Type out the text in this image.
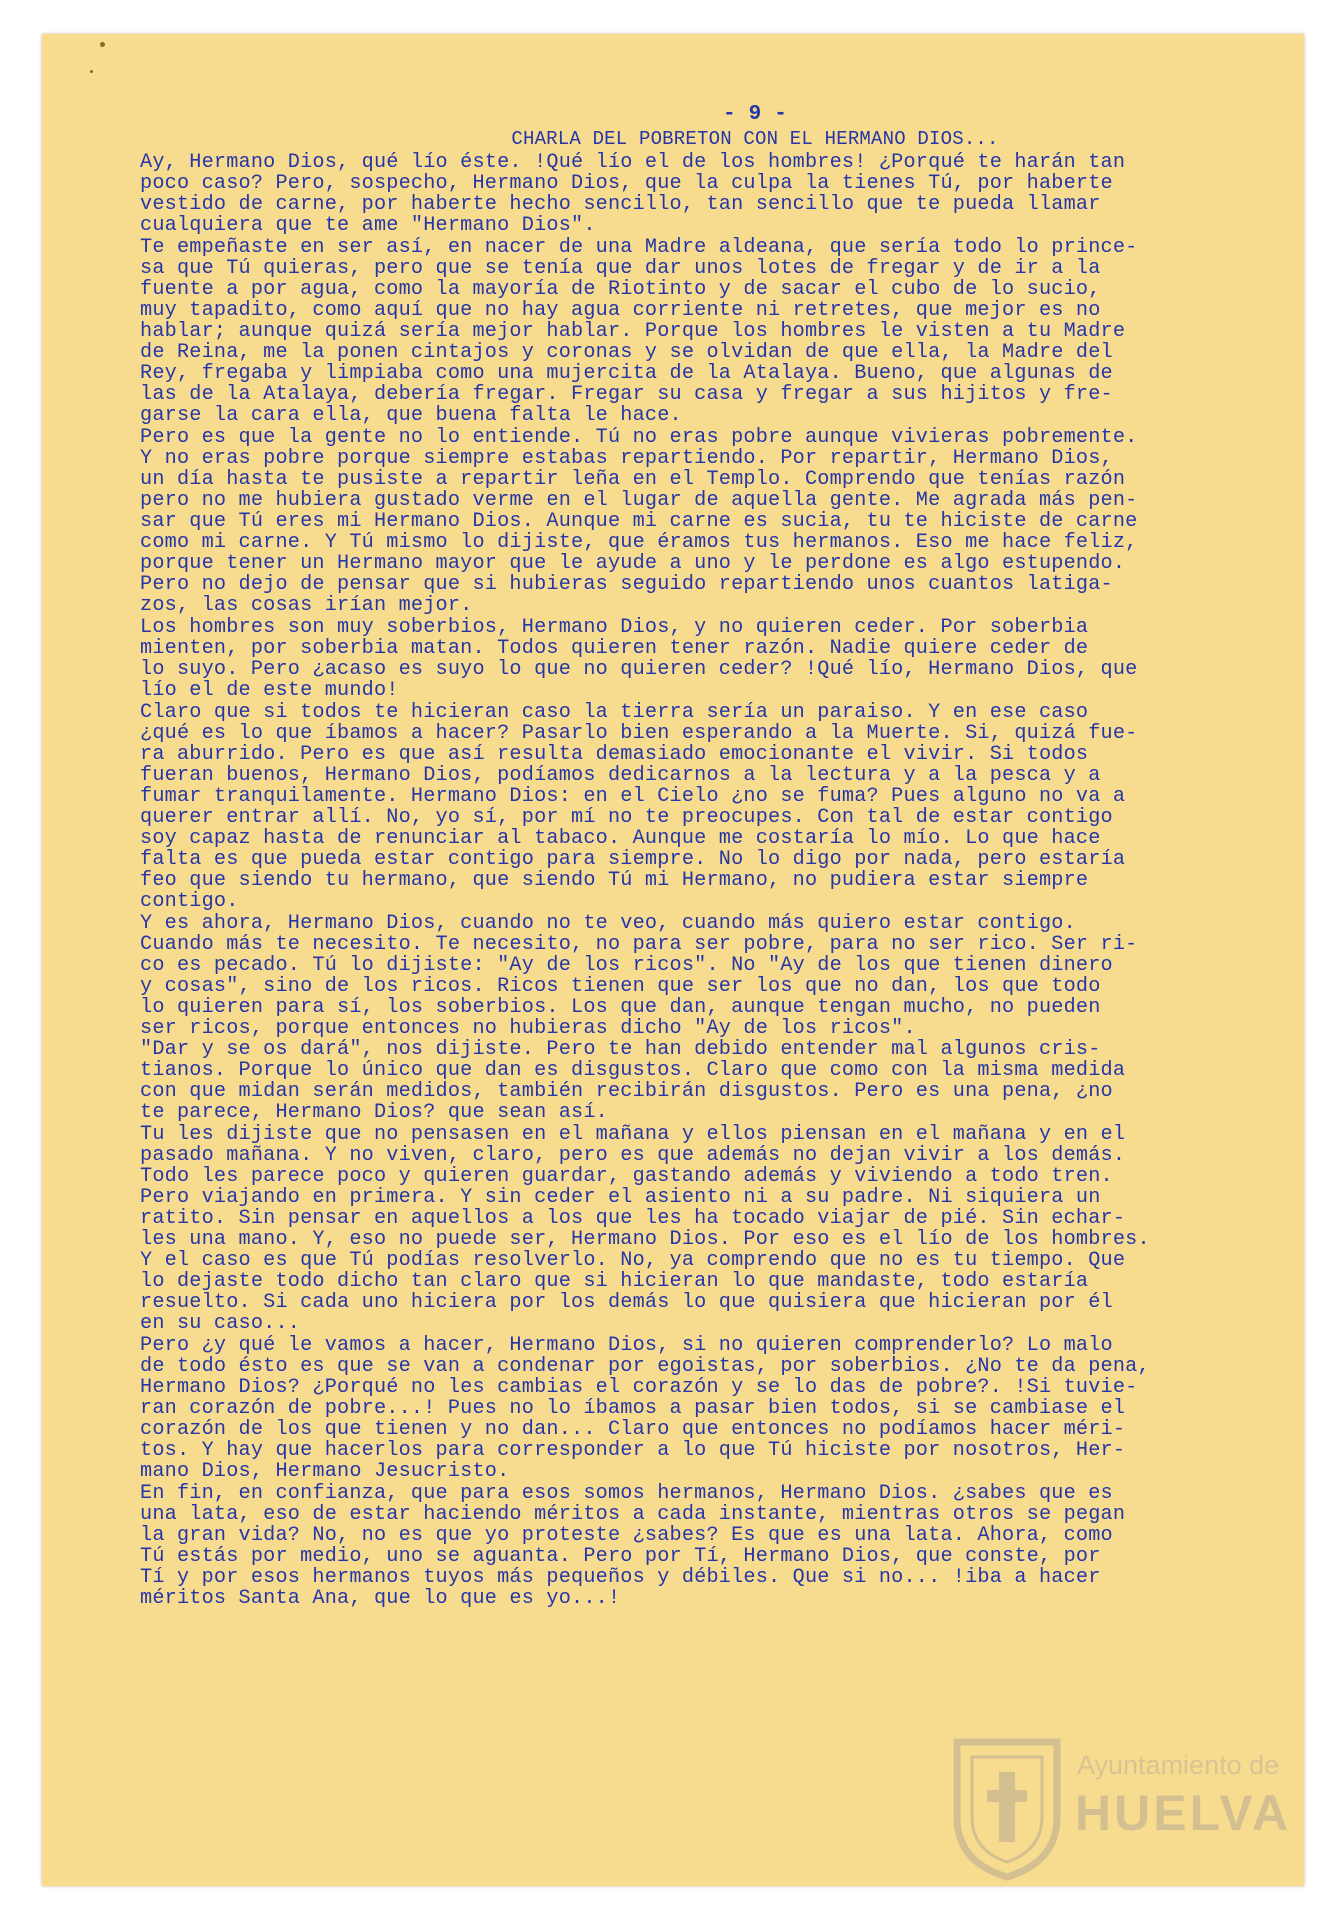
- 9 -
CHARLA DEL POBRETON CON EL HERMANO DIOS...
Ay, Hermano Dios, qué lío éste. !Qué lío el de los hombres! ¿Porqué te harán tan
poco caso? Pero, sospecho, Hermano Dios, que la culpa la tienes Tú, por haberte
vestido de carne, por haberte hecho sencillo, tan sencillo que te pueda llamar
cualquiera que te ame "Hermano Dios".
Te empeñaste en ser así, en nacer de una Madre aldeana, que sería todo lo prince-
sa que Tú quieras, pero que se tenía que dar unos lotes de fregar y de ir a la
fuente a por agua, como la mayoría de Riotinto y de sacar el cubo de lo sucio,
muy tapadito, como aquí que no hay agua corriente ni retretes, que mejor es no
hablar; aunque quizá sería mejor hablar. Porque los hombres le visten a tu Madre
de Reina, me la ponen cintajos y coronas y se olvidan de que ella, la Madre del
Rey, fregaba y limpiaba como una mujercita de la Atalaya. Bueno, que algunas de
las de la Atalaya, debería fregar. Fregar su casa y fregar a sus hijitos y fre-
garse la cara ella, que buena falta le hace.
Pero es que la gente no lo entiende. Tú no eras pobre aunque vivieras pobremente.
Y no eras pobre porque siempre estabas repartiendo. Por repartir, Hermano Dios,
un día hasta te pusiste a repartir leña en el Templo. Comprendo que tenías razón
pero no me hubiera gustado verme en el lugar de aquella gente. Me agrada más pen-
sar que Tú eres mi Hermano Dios. Aunque mi carne es sucia, tu te hiciste de carne
como mi carne. Y Tú mismo lo dijiste, que éramos tus hermanos. Eso me hace feliz,
porque tener un Hermano mayor que le ayude a uno y le perdone es algo estupendo.
Pero no dejo de pensar que si hubieras seguido repartiendo unos cuantos latiga-
zos, las cosas irían mejor.
Los hombres son muy soberbios, Hermano Dios, y no quieren ceder. Por soberbia
mienten, por soberbia matan. Todos quieren tener razón. Nadie quiere ceder de
lo suyo. Pero ¿acaso es suyo lo que no quieren ceder? !Qué lío, Hermano Dios, que
lío el de este mundo!
Claro que si todos te hicieran caso la tierra sería un paraiso. Y en ese caso
¿qué es lo que íbamos a hacer? Pasarlo bien esperando a la Muerte. Si, quizá fue-
ra aburrido. Pero es que así resulta demasiado emocionante el vivir. Si todos
fueran buenos, Hermano Dios, podíamos dedicarnos a la lectura y a la pesca y a
fumar tranquilamente. Hermano Dios: en el Cielo ¿no se fuma? Pues alguno no va a
querer entrar allí. No, yo sí, por mí no te preocupes. Con tal de estar contigo
soy capaz hasta de renunciar al tabaco. Aunque me costaría lo mío. Lo que hace
falta es que pueda estar contigo para siempre. No lo digo por nada, pero estaría
feo que siendo tu hermano, que siendo Tú mi Hermano, no pudiera estar siempre
contigo.
Y es ahora, Hermano Dios, cuando no te veo, cuando más quiero estar contigo.
Cuando más te necesito. Te necesito, no para ser pobre, para no ser rico. Ser ri-
co es pecado. Tú lo dijiste: "Ay de los ricos". No "Ay de los que tienen dinero
y cosas", sino de los ricos. Ricos tienen que ser los que no dan, los que todo
lo quieren para sí, los soberbios. Los que dan, aunque tengan mucho, no pueden
ser ricos, porque entonces no hubieras dicho "Ay de los ricos".
"Dar y se os dará", nos dijiste. Pero te han debido entender mal algunos cris-
tianos. Porque lo único que dan es disgustos. Claro que como con la misma medida
con que midan serán medidos, también recibirán disgustos. Pero es una pena, ¿no
te parece, Hermano Dios? que sean así.
Tu les dijiste que no pensasen en el mañana y ellos piensan en el mañana y en el
pasado mañana. Y no viven, claro, pero es que además no dejan vivir a los demás.
Todo les parece poco y quieren guardar, gastando además y viviendo a todo tren.
Pero viajando en primera. Y sin ceder el asiento ni a su padre. Ni siquiera un
ratito. Sin pensar en aquellos a los que les ha tocado viajar de pié. Sin echar-
les una mano. Y, eso no puede ser, Hermano Dios. Por eso es el lío de los hombres.
Y el caso es que Tú podías resolverlo. No, ya comprendo que no es tu tiempo. Que
lo dejaste todo dicho tan claro que si hicieran lo que mandaste, todo estaría
resuelto. Si cada uno hiciera por los demás lo que quisiera que hicieran por él
en su caso...
Pero ¿y qué le vamos a hacer, Hermano Dios, si no quieren comprenderlo? Lo malo
de todo ésto es que se van a condenar por egoistas, por soberbios. ¿No te da pena,
Hermano Dios? ¿Porqué no les cambias el corazón y se lo das de pobre?. !Si tuvie-
ran corazón de pobre...! Pues no lo íbamos a pasar bien todos, si se cambiase el
corazón de los que tienen y no dan... Claro que entonces no podíamos hacer méri-
tos. Y hay que hacerlos para corresponder a lo que Tú hiciste por nosotros, Her-
mano Dios, Hermano Jesucristo.
En fin, en confianza, que para esos somos hermanos, Hermano Dios. ¿sabes que es
una lata, eso de estar haciendo méritos a cada instante, mientras otros se pegan
la gran vida? No, no es que yo proteste ¿sabes? Es que es una lata. Ahora, como
Tú estás por medio, uno se aguanta. Pero por Tí, Hermano Dios, que conste, por
Tí y por esos hermanos tuyos más pequeños y débiles. Que si no... !iba a hacer
méritos Santa Ana, que lo que es yo...!
Ayuntamiento de
HUELVA
